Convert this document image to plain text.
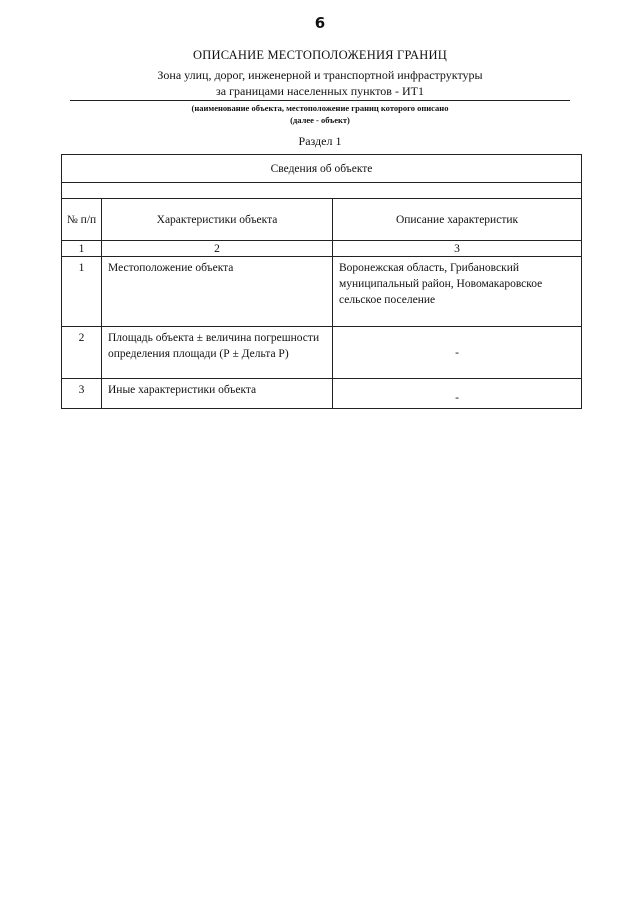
6
ОПИСАНИЕ МЕСТОПОЛОЖЕНИЯ ГРАНИЦ
Зона улиц, дорог, инженерной и транспортной инфраструктуры
за границами населенных пунктов - ИТ1
(наименование объекта, местоположение границ которого описано
(далее - объект)
Раздел 1
Сведения об объекте		

№ п/п	Характеристики объекта	Описание характеристик
1	2	3
1	Местоположение объекта	Воронежская область, Грибановский муниципальный район, Новомакаровское сельское поселение
2	Площадь объекта ± величина погрешности определения площади (Р ± Дельта Р)	-
3	Иные характеристики объекта	-
